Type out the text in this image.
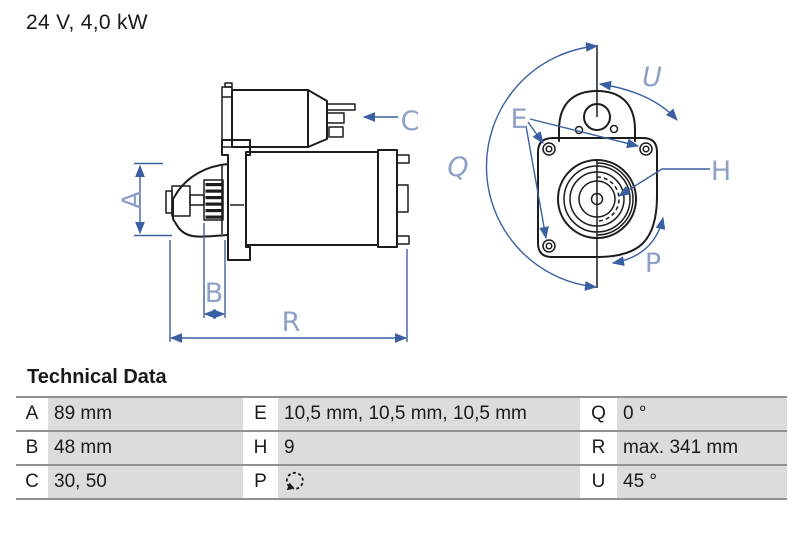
24 V, 4,0 kW
A
B
R
C
Q
U
E
H
P
Technical Data
A 89 mm	E 10,5 mm, 10,5 mm, 10,5 mm	Q 0 °
B 48 mm	H 9	R max. 341 mm
C 30, 50	P	U 45 °
